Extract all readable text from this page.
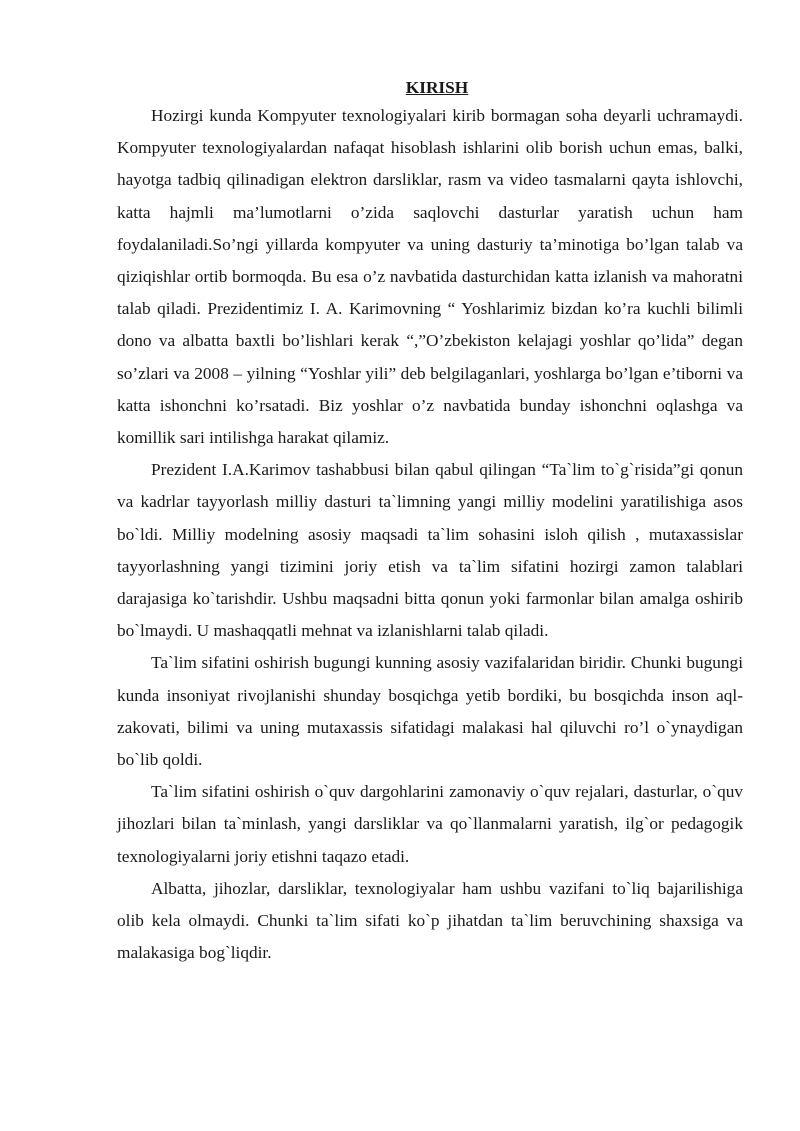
KIRISH

Hozirgi kunda Kompyuter texnologiyalari kirib bormagan soha deyarli uchramaydi. Kompyuter texnologiyalardan nafaqat hisoblash ishlarini olib borish uchun emas, balki, hayotga tadbiq qilinadigan elektron darsliklar, rasm va video tasmalarni qayta ishlovchi, katta hajmli ma’lumotlarni o’zida saqlovchi dasturlar yaratish uchun ham foydalaniladi.So’ngi yillarda kompyuter va uning dasturiy ta’minotiga bo’lgan talab va qiziqishlar ortib bormoqda. Bu esa o’z navbatida dasturchidan katta izlanish va mahoratni talab qiladi. Prezidentimiz I. A. Karimovning “ Yoshlarimiz bizdan ko’ra kuchli bilimli dono va albatta baxtli bo’lishlari kerak “,”O’zbekiston kelajagi yoshlar qo’lida” degan so’zlari va 2008 – yilning “Yoshlar yili” deb belgilaganlari, yoshlarga bo’lgan e’tiborni va katta ishonchni ko’rsatadi. Biz yoshlar o’z navbatida bunday ishonchni oqlashga va komillik sari intilishga harakat qilamiz.

Prezident I.A.Karimov tashabbusi bilan qabul qilingan “Ta`lim to`g`risida”gi qonun va kadrlar tayyorlash milliy dasturi ta`limning yangi milliy modelini yaratilishiga asos bo`ldi. Milliy modelning asosiy maqsadi ta`lim sohasini isloh qilish , mutaxassislar tayyorlashning yangi tizimini joriy etish va ta`lim sifatini hozirgi zamon talablari darajasiga ko`tarishdir. Ushbu maqsadni bitta qonun yoki farmonlar bilan amalga oshirib bo`lmaydi. U mashaqqatli mehnat va izlanishlarni talab qiladi.

Ta`lim sifatini oshirish bugungi kunning asosiy vazifalaridan biridir. Chunki bugungi kunda insoniyat rivojlanishi shunday bosqichga yetib bordiki, bu bosqichda inson aql-zakovati, bilimi va uning mutaxassis sifatidagi malakasi hal qiluvchi ro’l o`ynaydigan bo`lib qoldi.

Ta`lim sifatini oshirish o`quv dargohlarini zamonaviy o`quv rejalari, dasturlar, o`quv jihozlari bilan ta`minlash, yangi darsliklar va qo`llanmalarni yaratish, ilg`or pedagogik texnologiyalarni joriy etishni taqazo etadi.

Albatta, jihozlar, darsliklar, texnologiyalar ham ushbu vazifani to`liq bajarilishiga olib kela olmaydi. Chunki ta`lim sifati ko`p jihatdan ta`lim beruvchining shaxsiga va malakasiga bog`liqdir.
